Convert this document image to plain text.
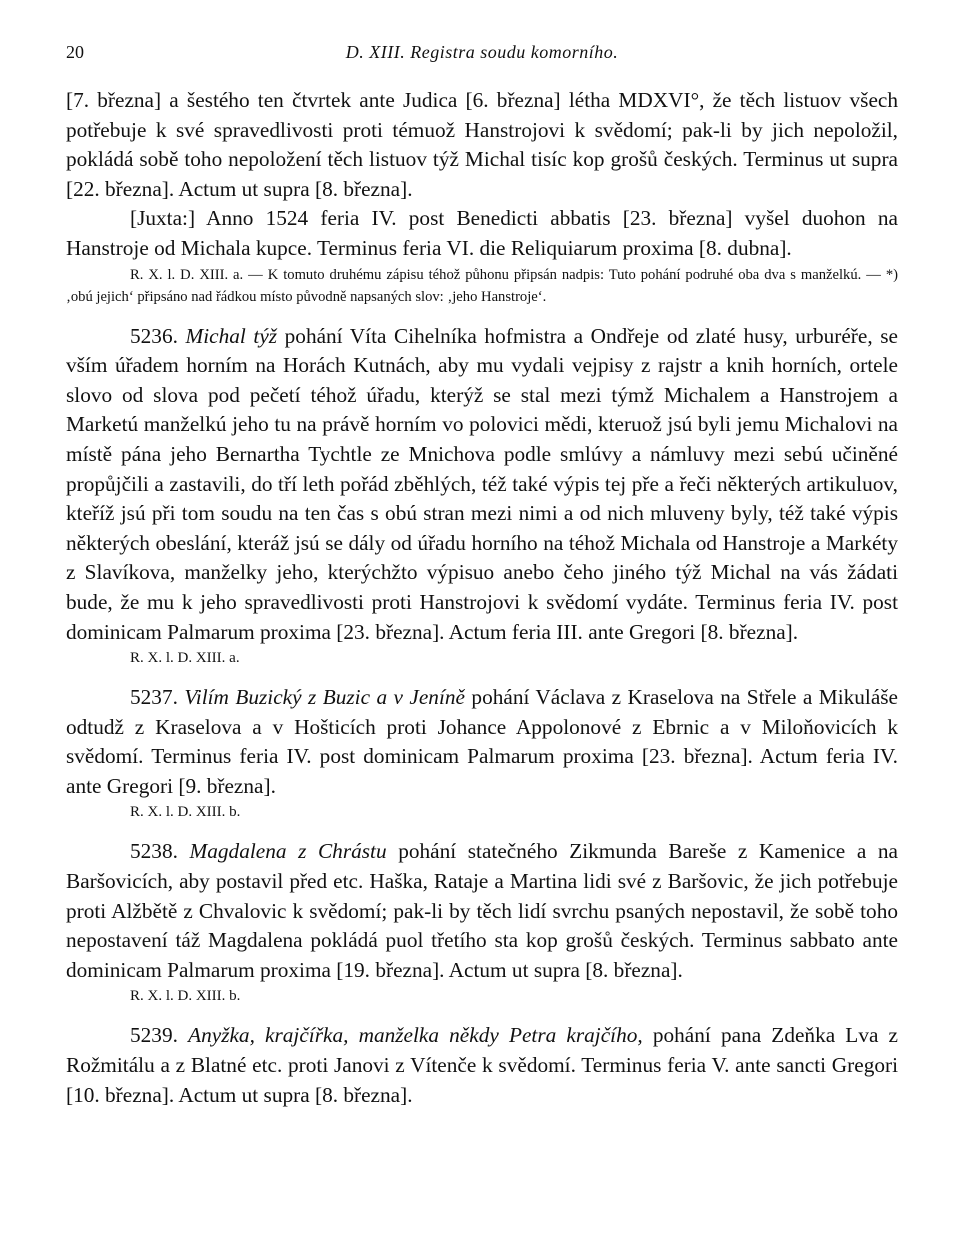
20	D. XIII. Registra soudu komorního.

[7. března] a šestého ten čtvrtek ante Judica [6. března] létha MDXVI°, že těch listuov všech potřebuje k své spravedlivosti proti témuož Hanstrojovi k svědomí; pak-li by jich nepoložil, pokládá sobě toho nepoložení těch listuov týž Michal tisíc kop grošů českých. Terminus ut supra [22. března]. Actum ut supra [8. března].

[Juxta:] Anno 1524 feria IV. post Benedicti abbatis [23. března] vyšel duohon na Hanstroje od Michala kupce. Terminus feria VI. die Reliquiarum proxima [8. dubna].

R. X. l. D. XIII. a. — K tomuto druhému zápisu téhož půhonu připsán nadpis: Tuto pohání podruhé oba dva s manželkú. — *) ‚obú jejich‘ připsáno nad řádkou místo původně napsaných slov: ‚jeho Hanstroje‘.

5236. Michal týž pohání Víta Cihelníka hofmistra a Ondřeje od zlaté husy, urburéře, se vším úřadem horním na Horách Kutnách, aby mu vydali vejpisy z rajstr a knih horních, ortele slovo od slova pod pečetí téhož úřadu, kterýž se stal mezi týmž Michalem a Hanstrojem a Marketú manželkú jeho tu na právě horním vo polovici mědi, kteruož jsú byli jemu Michalovi na místě pána jeho Bernartha Tychtle ze Mnichova podle smlúvy a námluvy mezi sebú učiněné propůjčili a zastavili, do tří leth pořád zběhlých, též také výpis tej pře a řeči některých artikuluov, kteříž jsú při tom soudu na ten čas s obú stran mezi nimi a od nich mluveny byly, též také výpis některých obeslání, kteráž jsú se dály od úřadu horního na téhož Michala od Hanstroje a Markéty z Slavíkova, manželky jeho, kterýchžto výpisuo anebo čeho jiného týž Michal na vás žádati bude, že mu k jeho spravedlivosti proti Hanstrojovi k svědomí vydáte. Terminus feria IV. post dominicam Palmarum proxima [23. března]. Actum feria III. ante Gregori [8. března].

R. X. l. D. XIII. a.

5237. Vilím Buzický z Buzic a v Jeníně pohání Václava z Kraselova na Střele a Mikuláše odtudž z Kraselova a v Hošticích proti Johance Appolonové z Ebrnic a v Miloňovicích k svědomí. Terminus feria IV. post dominicam Palmarum proxima [23. března]. Actum feria IV. ante Gregori [9. března].

R. X. l. D. XIII. b.

5238. Magdalena z Chrástu pohání statečného Zikmunda Bareše z Kamenice a na Baršovicích, aby postavil před etc. Haška, Rataje a Martina lidi své z Baršovic, že jich potřebuje proti Alžbětě z Chvalovic k svědomí; pak-li by těch lidí svrchu psaných nepostavil, že sobě toho nepostavení táž Magdalena pokládá puol třetího sta kop grošů českých. Terminus sabbato ante dominicam Palmarum proxima [19. března]. Actum ut supra [8. března].

R. X. l. D. XIII. b.

5239. Anyžka, krajčířka, manželka někdy Petra krajčího, pohání pana Zdeňka Lva z Rožmitálu a z Blatné etc. proti Janovi z Vítenče k svědomí. Terminus feria V. ante sancti Gregori [10. března]. Actum ut supra [8. března].
